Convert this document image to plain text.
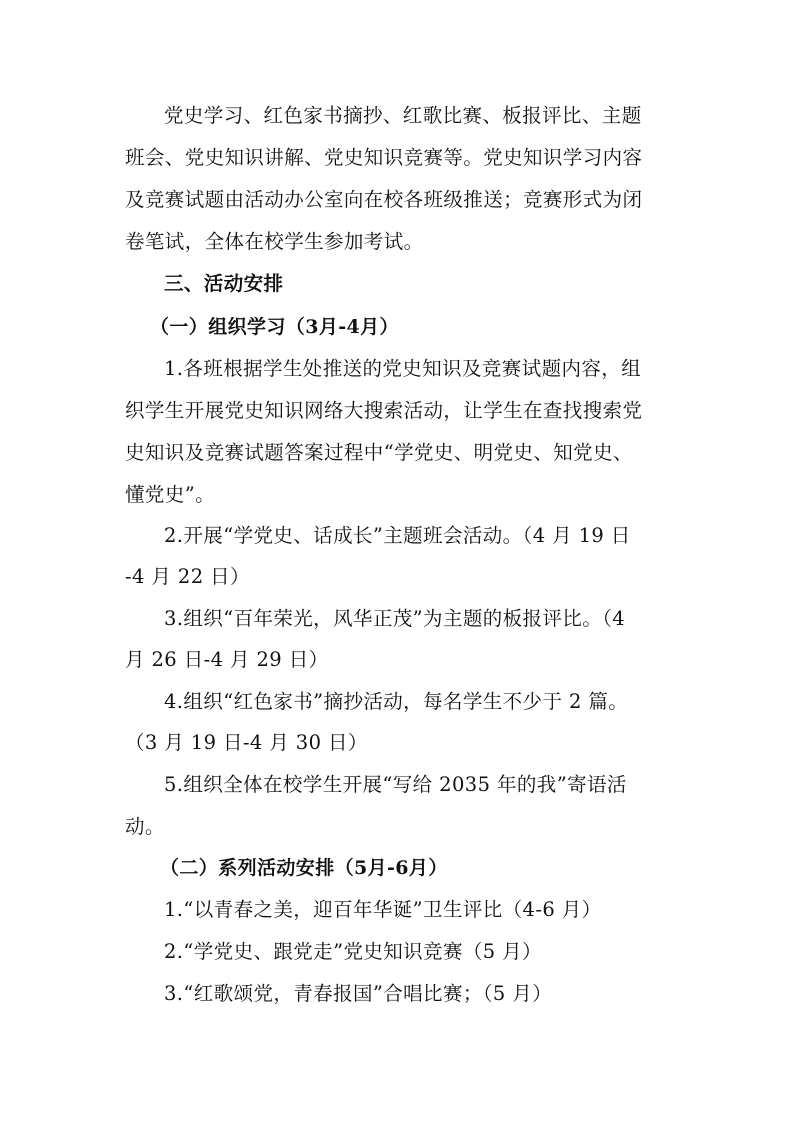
党史学习、红色家书摘抄、红歌比赛、板报评比、主题
班会、党史知识讲解、党史知识竞赛等。党史知识学习内容
及竞赛试题由活动办公室向在校各班级推送；竞赛形式为闭
卷笔试，全体在校学生参加考试。
三、活动安排
（一）组织学习（3月-4月）
1.各班根据学生处推送的党史知识及竞赛试题内容，组
织学生开展党史知识网络大搜索活动，让学生在查找搜索党
史知识及竞赛试题答案过程中“学党史、明党史、知党史、
懂党史”。
2.开展“学党史、话成长”主题班会活动。（4 月 19 日
-4 月 22 日）
3.组织“百年荣光，风华正茂”为主题的板报评比。（4
月 26 日-4 月 29 日）
4.组织“红色家书”摘抄活动，每名学生不少于 2 篇。
（3 月 19 日-4 月 30 日）
5.组织全体在校学生开展“写给 2035 年的我”寄语活
动。
（二）系列活动安排（5月-6月）
1.“以青春之美，迎百年华诞”卫生评比（4-6 月）
2.“学党史、跟党走”党史知识竞赛（5 月）
3.“红歌颂党，青春报国”合唱比赛；（5 月）
